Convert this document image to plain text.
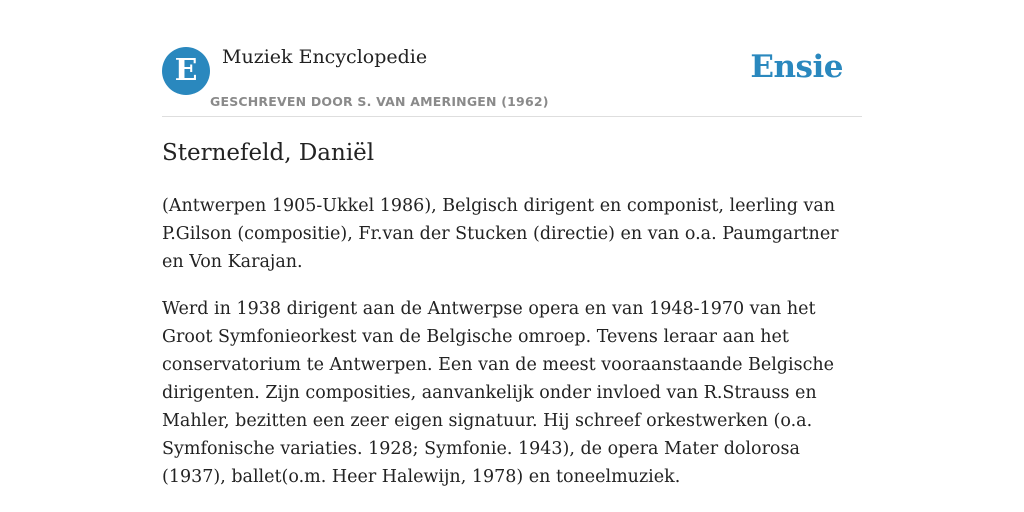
E	Muziek Encyclopedie
GESCHREVEN DOOR S. VAN AMERINGEN (1962)
Ensie
Sternefeld, Daniël

(Antwerpen 1905-Ukkel 1986), Belgisch dirigent en componist, leerling van P.Gilson (compositie), Fr.van der Stucken (directie) en van o.a. Paumgartner en Von Karajan.

Werd in 1938 dirigent aan de Antwerpse opera en van 1948-1970 van het Groot Symfonieorkest van de Belgische omroep. Tevens leraar aan het conservatorium te Antwerpen. Een van de meest vooraanstaande Belgische dirigenten. Zijn composities, aanvankelijk onder invloed van R.Strauss en Mahler, bezitten een zeer eigen signatuur. Hij schreef orkestwerken (o.a. Symfonische variaties. 1928; Symfonie. 1943), de opera Mater dolorosa (1937), ballet(o.m. Heer Halewijn, 1978) en toneelmuziek.
